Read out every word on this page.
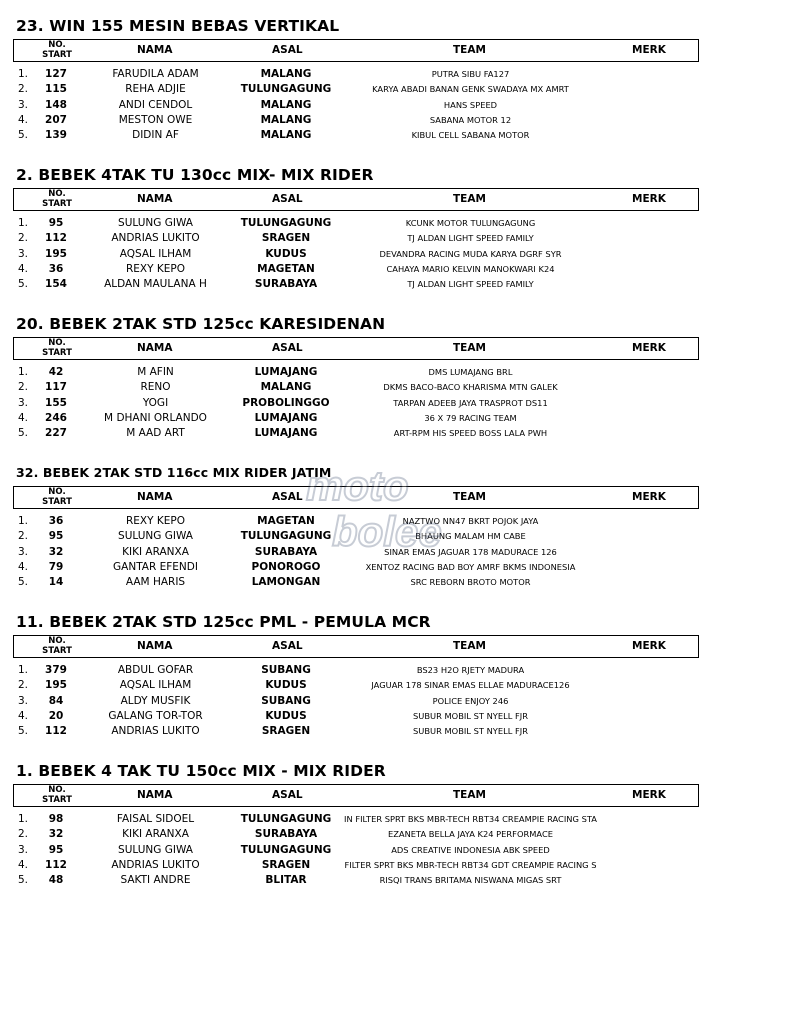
23. WIN 155 MESIN BEBAS VERTIKAL
NO.
START	NAMA	ASAL	TEAM	MERK
1.	127	FARUDILA ADAM	MALANG	PUTRA SIBU FA127
2.	115	REHA ADJIE	TULUNGAGUNG	KARYA ABADI BANAN GENK SWADAYA MX AMRT
3.	148	ANDI CENDOL	MALANG	HANS SPEED
4.	207	MESTON OWE	MALANG	SABANA MOTOR 12
5.	139	DIDIN AF	MALANG	KIBUL CELL SABANA MOTOR
2. BEBEK 4TAK TU 130cc MIX- MIX RIDER
NO.
START	NAMA	ASAL	TEAM	MERK
1.	95	SULUNG GIWA	TULUNGAGUNG	KCUNK MOTOR TULUNGAGUNG
2.	112	ANDRIAS LUKITO	SRAGEN	TJ ALDAN LIGHT SPEED FAMILY
3.	195	AQSAL ILHAM	KUDUS	DEVANDRA RACING MUDA KARYA DGRF SYR
4.	36	REXY KEPO	MAGETAN	CAHAYA MARIO KELVIN MANOKWARI K24
5.	154	ALDAN MAULANA H	SURABAYA	TJ ALDAN LIGHT SPEED FAMILY
20. BEBEK 2TAK STD 125cc KARESIDENAN
NO.
START	NAMA	ASAL	TEAM	MERK
1.	42	M AFIN	LUMAJANG	DMS LUMAJANG BRL
2.	117	RENO	MALANG	DKMS BACO-BACO KHARISMA MTN GALEK
3.	155	YOGI	PROBOLINGGO	TARPAN ADEEB JAYA TRASPROT DS11
4.	246	M DHANI ORLANDO	LUMAJANG	36 X 79 RACING TEAM
5.	227	M AAD ART	LUMAJANG	ART-RPM HIS SPEED BOSS LALA PWH
32. BEBEK 2TAK STD 116cc MIX RIDER JATIM
NO.
START	NAMA	ASAL	TEAM	MERK
1.	36	REXY KEPO	MAGETAN	NAZTWO NN47 BKRT POJOK JAYA
2.	95	SULUNG GIWA	TULUNGAGUNG	BHAUNG MALAM HM CABE
3.	32	KIKI ARANXA	SURABAYA	SINAR EMAS JAGUAR 178 MADURACE 126
4.	79	GANTAR EFENDI	PONOROGO	XENTOZ RACING BAD BOY AMRF BKMS INDONESIA
5.	14	AAM HARIS	LAMONGAN	SRC REBORN BROTO MOTOR
11. BEBEK 2TAK STD 125cc PML - PEMULA MCR
NO.
START	NAMA	ASAL	TEAM	MERK
1.	379	ABDUL GOFAR	SUBANG	BS23 H2O RJETY MADURA
2.	195	AQSAL ILHAM	KUDUS	JAGUAR 178 SINAR EMAS ELLAE MADURACE126
3.	84	ALDY MUSFIK	SUBANG	POLICE ENJOY 246
4.	20	GALANG TOR-TOR	KUDUS	SUBUR MOBIL ST NYELL FJR
5.	112	ANDRIAS LUKITO	SRAGEN	SUBUR MOBIL ST NYELL FJR
1. BEBEK 4 TAK TU 150cc MIX - MIX RIDER
NO.
START	NAMA	ASAL	TEAM	MERK
1.	98	FAISAL SIDOEL	TULUNGAGUNG	IN FILTER SPRT BKS MBR-TECH RBT34 CREAMPIE RACING STA
2.	32	KIKI ARANXA	SURABAYA	EZANETA BELLA JAYA K24 PERFORMACE
3.	95	SULUNG GIWA	TULUNGAGUNG	ADS CREATIVE INDONESIA ABK SPEED
4.	112	ANDRIAS LUKITO	SRAGEN	FILTER SPRT BKS MBR-TECH RBT34 GDT CREAMPIE RACING S
5.	48	SAKTI ANDRE	BLITAR	RISQI TRANS BRITAMA NISWANA MIGAS SRT
moto
bolee
